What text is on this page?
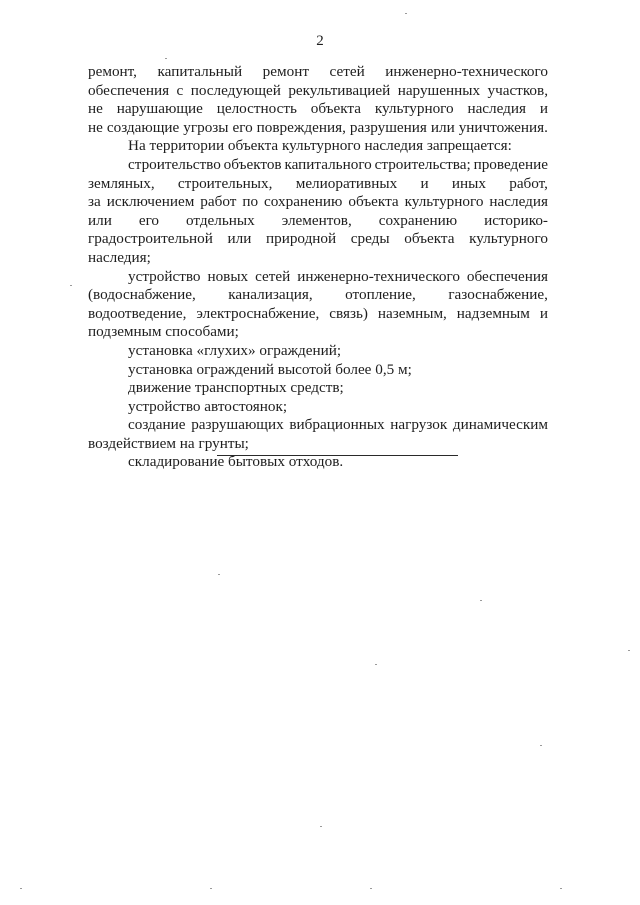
2
ремонт, капитальный ремонт сетей инженерно-технического
обеспечения с последующей рекультивацией нарушенных участков,
не нарушающие целостность объекта культурного наследия и
не создающие угрозы его повреждения, разрушения или уничтожения.
На территории объекта культурного наследия запрещается:
строительство объектов капитального строительства; проведение
земляных, строительных, мелиоративных и иных работ,
за исключением работ по сохранению объекта культурного наследия
или его отдельных элементов, сохранению историко-
градостроительной или природной среды объекта культурного
наследия;
устройство новых сетей инженерно-технического обеспечения
(водоснабжение, канализация, отопление, газоснабжение,
водоотведение, электроснабжение, связь) наземным, надземным и
подземным способами;
установка «глухих» ограждений;
установка ограждений высотой более 0,5 м;
движение транспортных средств;
устройство автостоянок;
создание разрушающих вибрационных нагрузок динамическим
воздействием на грунты;
складирование бытовых отходов.
